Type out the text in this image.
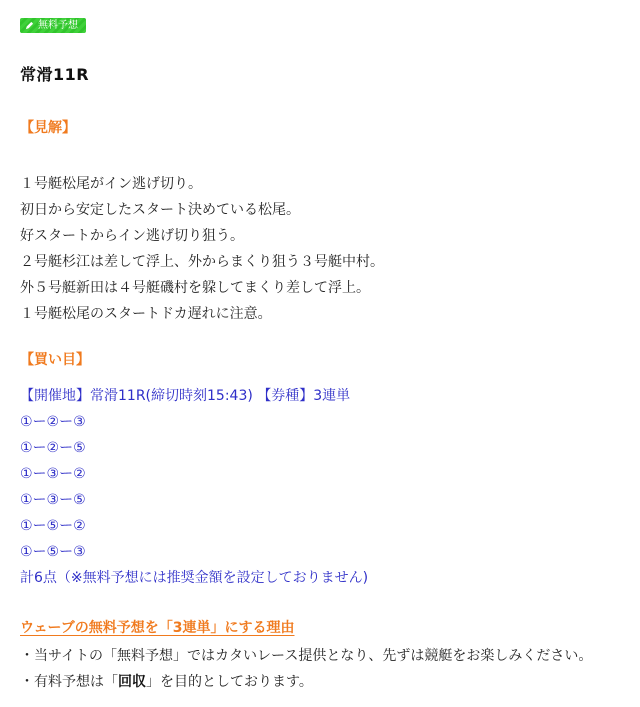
無料予想
常滑11R
【見解】
１号艇松尾がイン逃げ切り。
初日から安定したスタート決めている松尾。
好スタートからイン逃げ切り狙う。
２号艇杉江は差して浮上、外からまくり狙う３号艇中村。
外５号艇新田は４号艇磯村を躱してまくり差して浮上。
１号艇松尾のスタートドカ遅れに注意。
【買い目】
【開催地】常滑11R(締切時刻15:43) 【券種】3連単
①ー②ー③
①ー②ー⑤
①ー③ー②
①ー③ー⑤
①ー⑤ー②
①ー⑤ー③
計6点（※無料予想には推奨金額を設定しておりません)
ウェーブの無料予想を「3連単」にする理由
・当サイトの「無料予想」ではカタいレース提供となり、先ずは競艇をお楽しみください。
・有料予想は「回収」を目的としております。
